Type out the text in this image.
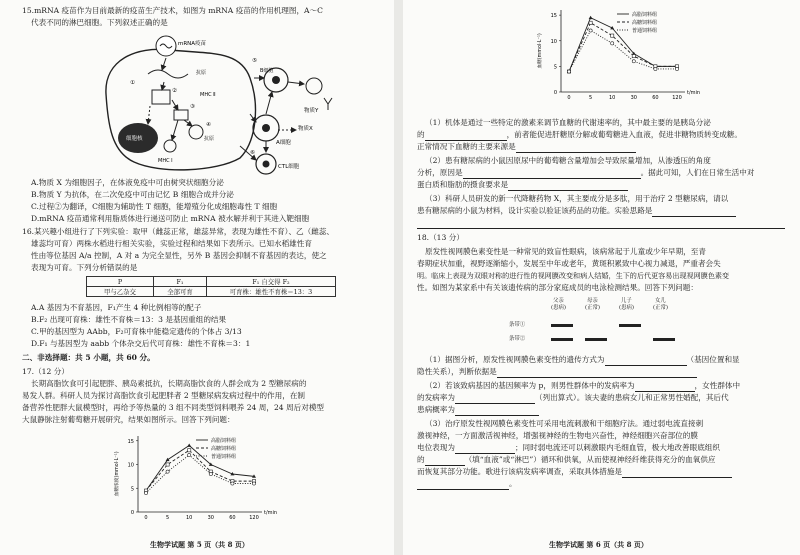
15.mRNA 疫苗作为目前最新的疫苗生产技术，如图为 mRNA 疫苗的作用机理图，A～C
代表不同的淋巴细胞。下列叙述正确的是
mRNA疫苗
①
②
③
④
抗原
MHC Ⅰ
MHC Ⅱ
抗原
细胞核
⑤
B细胞
物质Y
物质X
A细胞
CTL细胞
⑥
A.物质 X 为细胞因子，在体液免疫中可由树突状细胞分泌
B.物质 Y 为抗体，在二次免疫中可由记忆 B 细胞合成并分泌
C.过程②为翻译，C细胞为辅助性 T 细胞，能增殖分化成细胞毒性 T 细胞
D.mRNA 疫苗通常利用脂质体进行递送可防止 mRNA 被水解并利于其进入靶细胞
16.某兴趣小组进行了下列实验：取甲（雌蕊正常，雄蕊异常，表现为雄性不育）、乙（雌蕊、
雄蕊均可育）两株水稻进行相关实验，实验过程和结果如下表所示。已知水稻雄性育
性由等位基因 A/a 控制，A 对 a 为完全显性，另外 B 基因会抑制不育基因的表达，使之
表现为可育。下列分析错误的是
P	F₁	F₁ 自交得 F₂
甲与乙杂交	全部可育	可育株：雄性不育株＝13：3
A.A 基因为不育基因，F₁产生 4 种比例相等的配子
B.F₂ 出现可育株：雄性不育株＝13：3 是基因重组的结果
C.甲的基因型为 AAbb，F₂可育株中能稳定遗传的个体占 3/13
D.F₁ 与基因型为 aabb 个体杂交后代可育株：雄性不育株＝3：1
二、非选择题：共 5 小题，共 60 分。
17.（12 分）
长期高脂饮食可引起肥胖、胰岛素抵抗，长期高脂饮食的人群会成为 2 型糖尿病的
易发人群。科研人员为探讨高脂饮食引起肥胖者 2 型糖尿病发病过程中的作用，在制
备营养性肥胖大鼠模型时，再给予等热量的 3 组不同类型饲料喂养 24 周，24 周后对模型
大鼠静脉注射葡萄糖开展研究，结果如图所示。回答下列问题：
0
5
10
15
0	5	10	30	60	120
t/min
血糖浓度(mmol·L⁻¹)
高脂饲料组
高糖饲料组
普通饲料组
生物学试题 第 5 页（共 8 页）
0
5
10
15
0	5	10	30	60	120
t/min
血糖(mmol·L⁻¹)
高脂饲料组
高糖饲料组
普通饲料组
（1）机体是通过一些特定的激素来调节血糖的代谢速率的，其中最主要的是胰岛分泌
的	，前者能促进肝糖原分解或葡萄糖进入血液，促进非糖物质转变成糖。
正常情况下血糖的主要来源是
（2）患有糖尿病的小鼠因原尿中的葡萄糖含量增加会导致尿量增加，从渗透压的角度
分析，原因是	。据此可知，人们在日常生活中对
蛋白质和脂肪的摄食要求是
（3）科研人员研发的新一代降糖药物 X，其主要成分是多肽，用于治疗 2 型糖尿病，请以
患有糖尿病的小鼠为材料，设计实验以验证该药品的功能。实验思路是
18.（13 分）
原发性视网膜色素变性是一种常见的致盲性眼病，该病常起于儿童或少年早期，至青
春期症状加重，视野逐渐缩小，发展至中年或老年，黄斑积累致中心视力减退，严重者会失
明。临床上表现为双眼对称的进行性的视网膜改变和病人结婚，生下的后代更容易出现视网膜色素变
性。如图为某家系中有关该遗传病的部分家庭成员的电泳检测结果。回答下列问题：
父亲	母亲	儿子	女儿
(患病)	(正常)	(患病)	(正常)
条带①
条带②
（1）据图分析，原发性视网膜色素变性的遗传方式为	（基因位置和显
隐性关系），判断依据是
（2）若该致病基因的基因频率为 p，则男性群体中的发病率为	，女性群体中
的发病率为	（列出算式）。该夫妻的患病女儿和正常男性婚配，其后代
患病概率为
（3）治疗原发性视网膜色素变性可采用电流刺激和干细胞疗法。通过弱电流直接刺
激视神经，一方面激活视神经，增强视神经的生物电兴奋性，神经细胞兴奋部位的膜
电位表现为	；同时弱电流还可以刺激眼内毛细血管，极大地改善眼底组织
的	（填“血液”或“淋巴”）循环和供氧，从而使视神经纤维获得充分的血氧供应
而恢复其部分功能。歌进行该病发病率调查，采取具体措施是
。
生物学试题 第 6 页（共 8 页）
